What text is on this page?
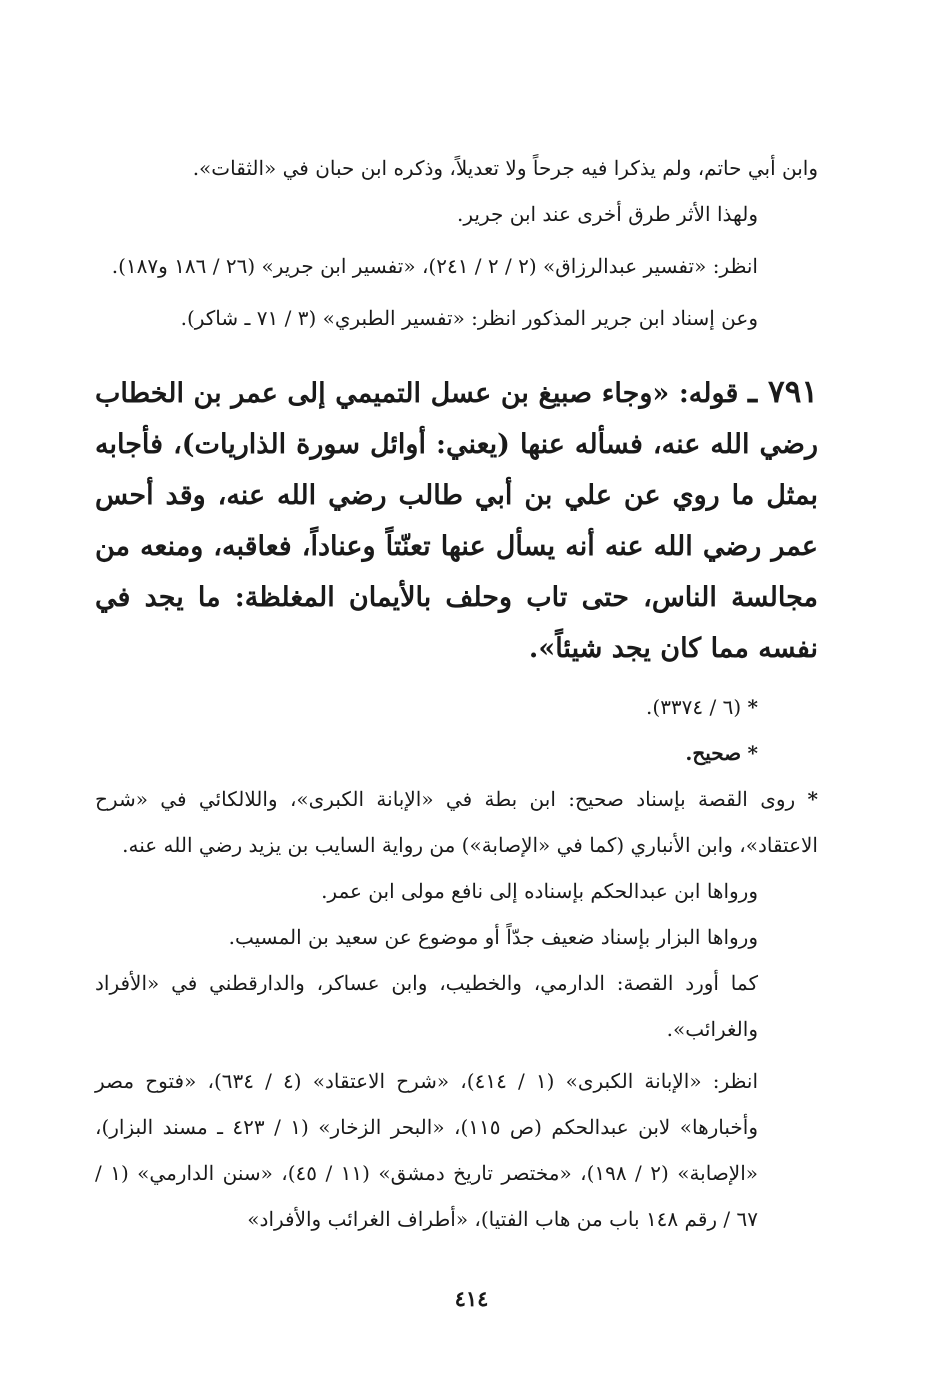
وابن أبي حاتم، ولم يذكرا فيه جرحاً ولا تعديلاً، وذكره ابن حبان في «الثقات».

ولهذا الأثر طرق أخرى عند ابن جرير.

انظر: «تفسير عبدالرزاق» (٢ / ٢ / ٢٤١)، «تفسير ابن جرير» (٢٦ / ١٨٦ و١٨٧).

وعن إسناد ابن جرير المذكور انظر: «تفسير الطبري» (٣ / ٧١ ـ شاكر).

٧٩١ ـ قوله: «وجاء صبيغ بن عسل التميمي إلى عمر بن الخطاب رضي الله عنه، فسأله عنها (يعني: أوائل سورة الذاريات)، فأجابه بمثل ما روي عن علي بن أبي طالب رضي الله عنه، وقد أحس عمر رضي الله عنه أنه يسأل عنها تعنّتاً وعناداً، فعاقبه، ومنعه من مجالسة الناس، حتى تاب وحلف بالأيمان المغلظة: ما يجد في نفسه مما كان يجد شيئاً».

* (٦ / ٣٣٧٤).

* صحيح.

* روى القصة بإسناد صحيح: ابن بطة في «الإبانة الكبرى»، واللالكائي في «شرح الاعتقاد»، وابن الأنباري (كما في «الإصابة») من رواية السايب بن يزيد رضي الله عنه.

ورواها ابن عبدالحكم بإسناده إلى نافع مولى ابن عمر.

ورواها البزار بإسناد ضعيف جدّاً أو موضوع عن سعيد بن المسيب.

كما أورد القصة: الدارمي، والخطيب، وابن عساكر، والدارقطني في «الأفراد والغرائب».

انظر: «الإبانة الكبرى» (١ / ٤١٤)، «شرح الاعتقاد» (٤ / ٦٣٤)، «فتوح مصر وأخبارها» لابن عبدالحكم (ص ١١٥)، «البحر الزخار» (١ / ٤٢٣ ـ مسند البزار)، «الإصابة» (٢ / ١٩٨)، «مختصر تاريخ دمشق» (١١ / ٤٥)، «سنن الدارمي» (١ / ٦٧ / رقم ١٤٨ باب من هاب الفتيا)، «أطراف الغرائب والأفراد»

٤١٤
